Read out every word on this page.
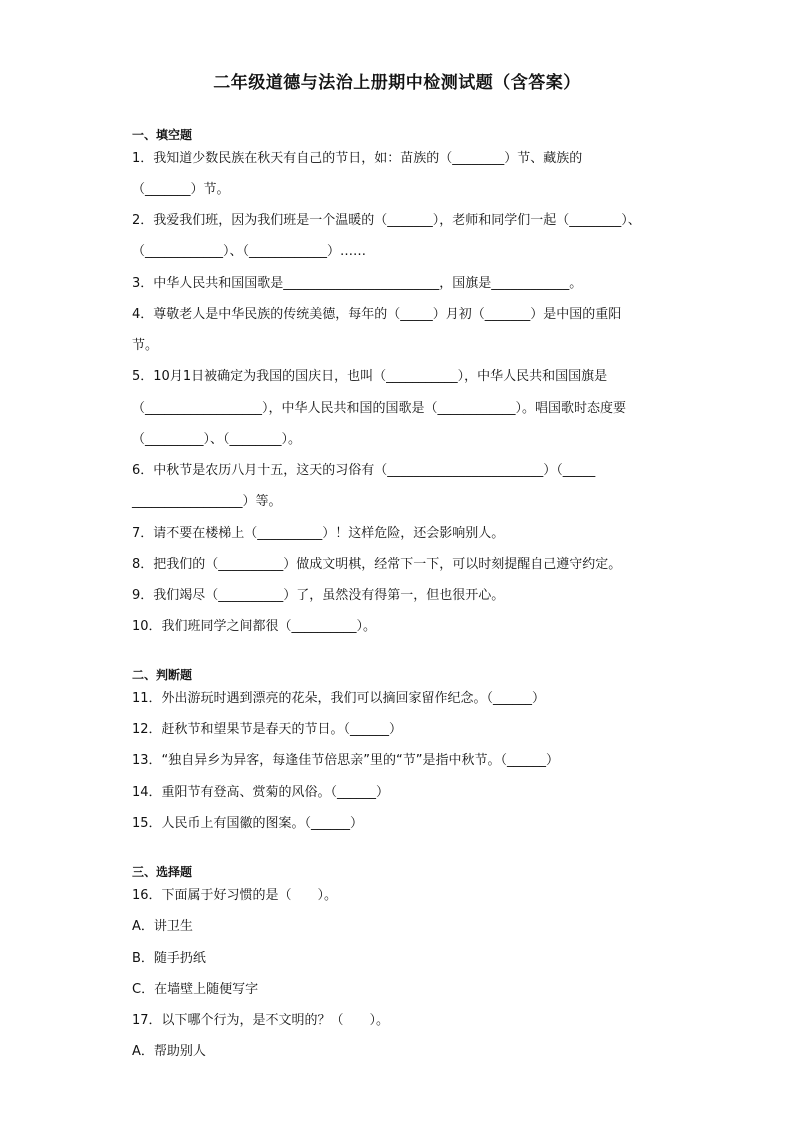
二年级道德与法治上册期中检测试题（含答案）
一、填空题
1．我知道少数民族在秋天有自己的节日，如：苗族的（________）节、藏族的
（_______）节。
2．我爱我们班，因为我们班是一个温暖的（_______），老师和同学们一起（________）、
（____________）、（____________）……
3．中华人民共和国国歌是________________________，国旗是____________。
4．尊敬老人是中华民族的传统美德，每年的（_____）月初（_______）是中国的重阳
节。
5．10月1日被确定为我国的国庆日，也叫（___________），中华人民共和国国旗是
（__________________），中华人民共和国的国歌是（____________）。唱国歌时态度要
（_________）、（________）。
6．中秋节是农历八月十五，这天的习俗有（________________________）（_____
_________________）等。
7．请不要在楼梯上（__________）！这样危险，还会影响别人。
8．把我们的（__________）做成文明棋，经常下一下，可以时刻提醒自己遵守约定。
9．我们竭尽（__________）了，虽然没有得第一，但也很开心。
10．我们班同学之间都很（__________）。
二、判断题
11．外出游玩时遇到漂亮的花朵，我们可以摘回家留作纪念。（______）
12．赶秋节和望果节是春天的节日。（______）
13．“独自异乡为异客，每逢佳节倍思亲”里的“节”是指中秋节。（______）
14．重阳节有登高、赏菊的风俗。（______）
15．人民币上有国徽的图案。（______）
三、选择题
16．下面属于好习惯的是（　　）。
A．讲卫生
B．随手扔纸
C．在墙壁上随便写字
17．以下哪个行为，是不文明的？（　　）。
A．帮助别人
